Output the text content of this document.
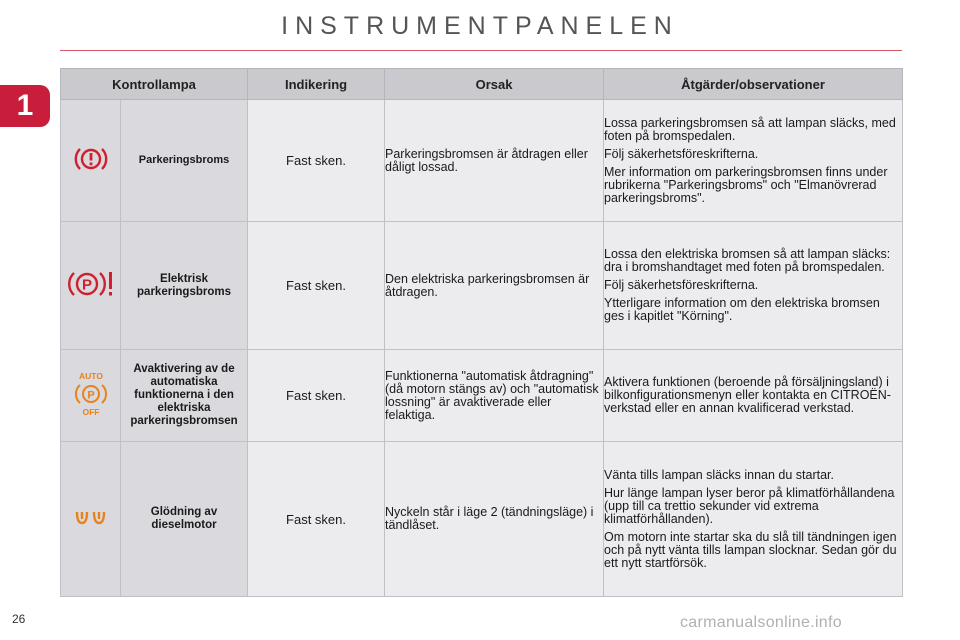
INSTRUMENTPANELEN
1
Kontrollampa		Indikering	Orsak	Åtgärder/observationer
	Parkeringsbroms	Fast sken.	Parkeringsbromsen är åtdragen eller dåligt lossad.	Lossa parkeringsbromsen så att lampan släcks, med foten på bromspedalen.

Följ säkerhetsföreskrifterna.

Mer information om parkeringsbromsen finns under rubrikerna "Parkeringsbroms" och "Elmanövrerad parkeringsbroms".

P	Elektrisk parkeringsbroms	Fast sken.	Den elektriska parkeringsbromsen är åtdragen.	Lossa den elektriska bromsen så att lampan släcks: dra i bromshandtaget med foten på bromspedalen.

Följ säkerhetsföreskrifterna.

Ytterligare information om den elektriska bromsen ges i kapitlet "Körning".

AUTO
P
OFF	Avaktivering av de automatiska funktionerna i den elektriska parkeringsbromsen	Fast sken.	Funktionerna "automatisk åtdragning" (då motorn stängs av) och "automatisk lossning" är avaktiverade eller felaktiga.	Aktivera funktionen (beroende på försäljningsland) i bilkonfigurationsmenyn eller kontakta en CITROËN-verkstad eller en annan kvalificerad verkstad.

	Glödning av dieselmotor	Fast sken.	Nyckeln står i läge 2 (tändningsläge) i tändlåset.	Vänta tills lampan släcks innan du startar.

Hur länge lampan lyser beror på klimatförhållandena (upp till ca trettio sekunder vid extrema klimatförhållanden).

Om motorn inte startar ska du slå till tändningen igen och på nytt vänta tills lampan slocknar. Sedan gör du ett nytt startförsök.

26	carmanualsonline.info
